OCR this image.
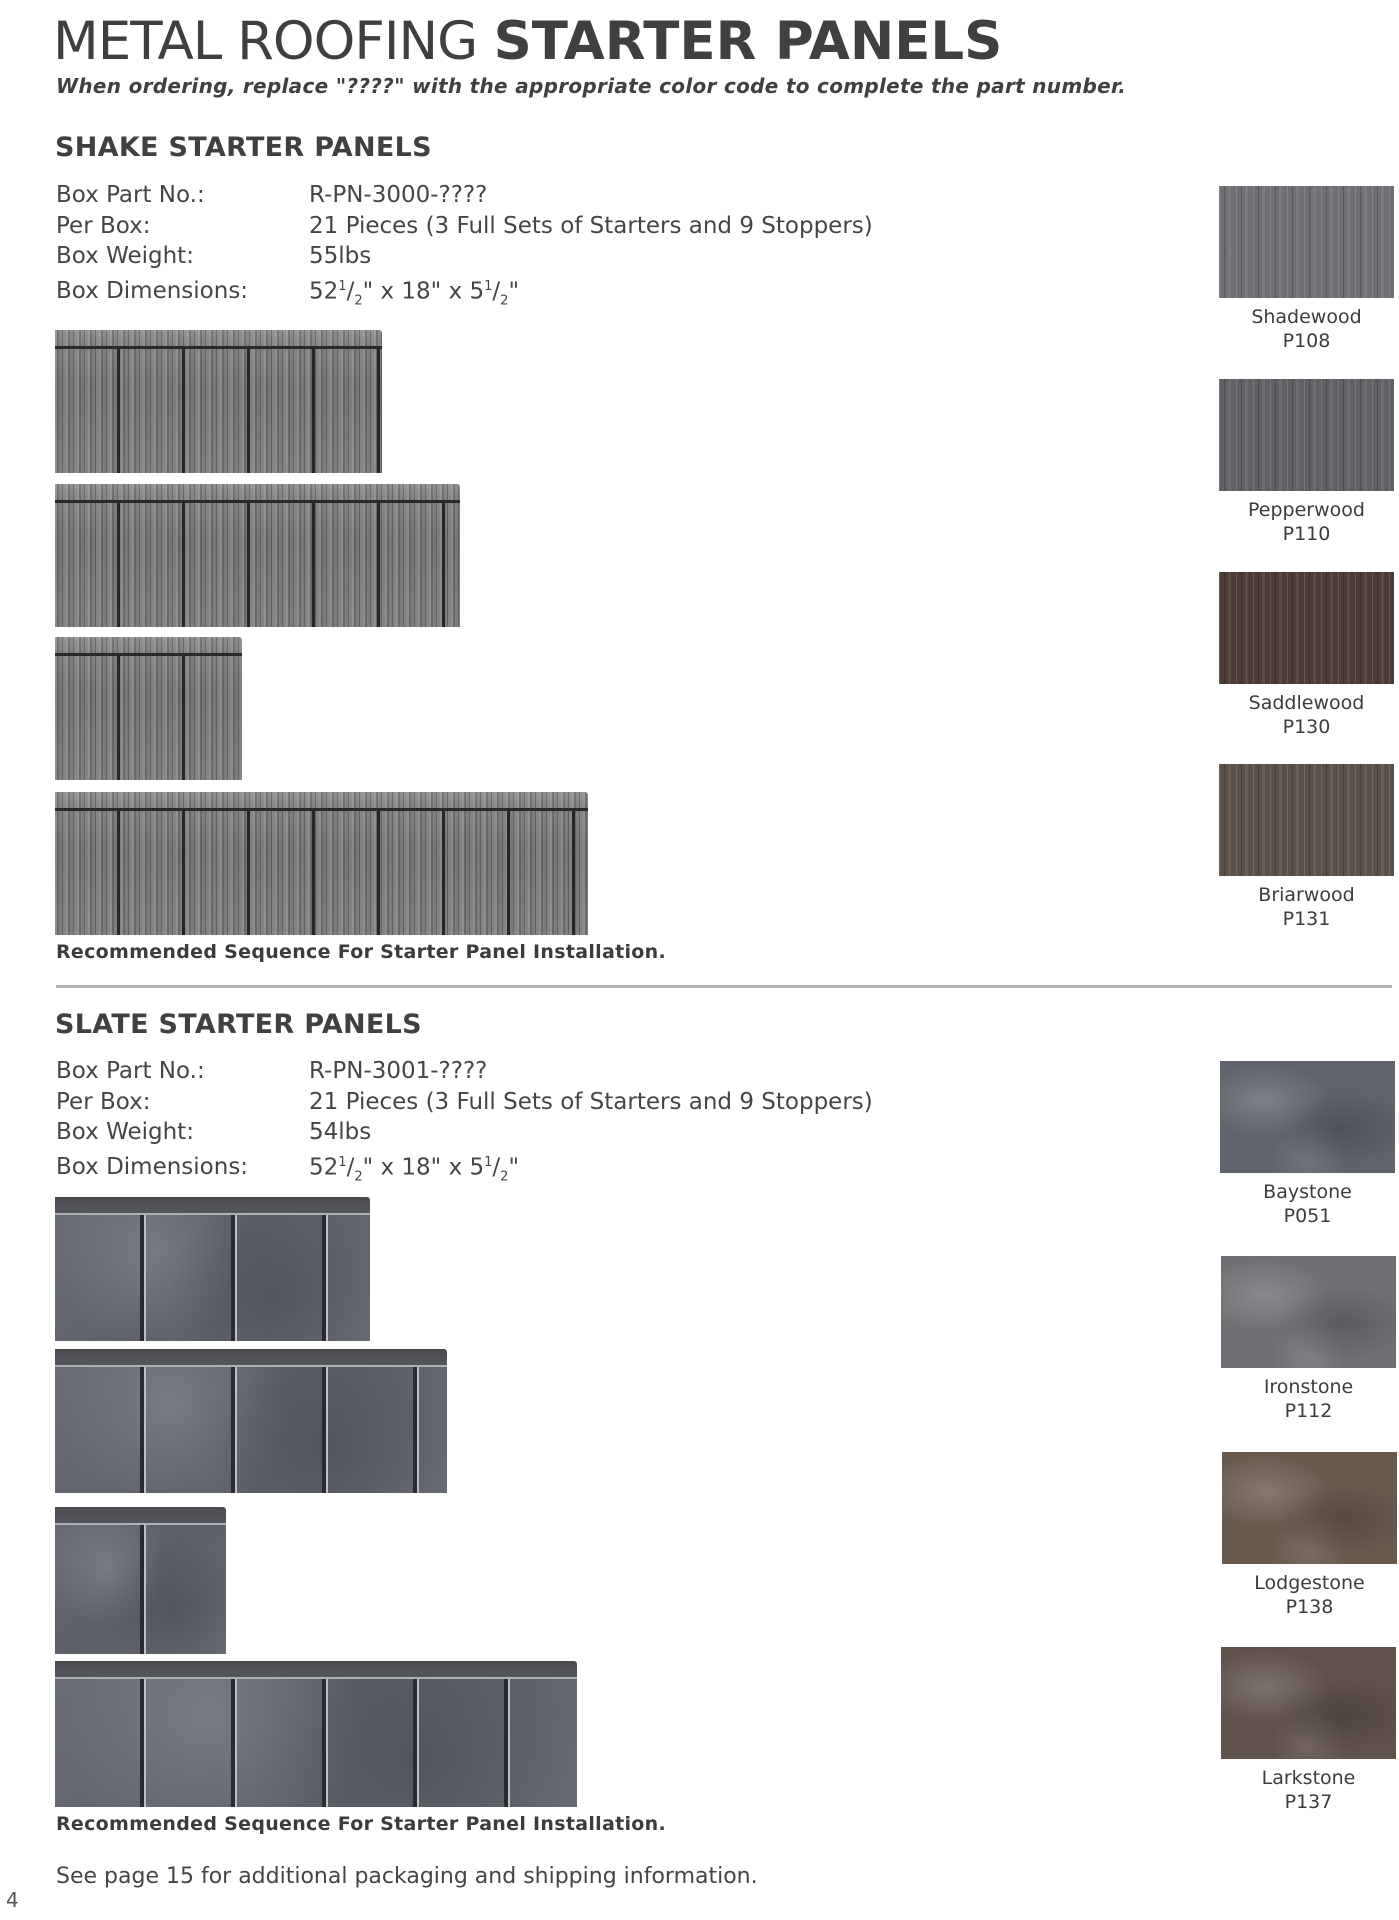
METAL ROOFING STARTER PANELS
When ordering, replace "????" with the appropriate color code to complete the part number.
SHAKE STARTER PANELS
Box Part No.:	R-PN-3000-????
Per Box:	21 Pieces (3 Full Sets of Starters and 9 Stoppers)
Box Weight:	55lbs
Box Dimensions:	$52^1/_2$" x 18" x $5^1/_2$"
Recommended Sequence For Starter Panel Installation.
Shadewood
P108
Pepperwood
P110
Saddlewood
P130
Briarwood
P131
SLATE STARTER PANELS
Box Part No.:	R-PN-3001-????
Per Box:	21 Pieces (3 Full Sets of Starters and 9 Stoppers)
Box Weight:	54lbs
Box Dimensions:	$52^1/_2$" x 18" x $5^1/_2$"
Recommended Sequence For Starter Panel Installation.
Baystone
P051
Ironstone
P112
Lodgestone
P138
Larkstone
P137
See page 15 for additional packaging and shipping information.
4
